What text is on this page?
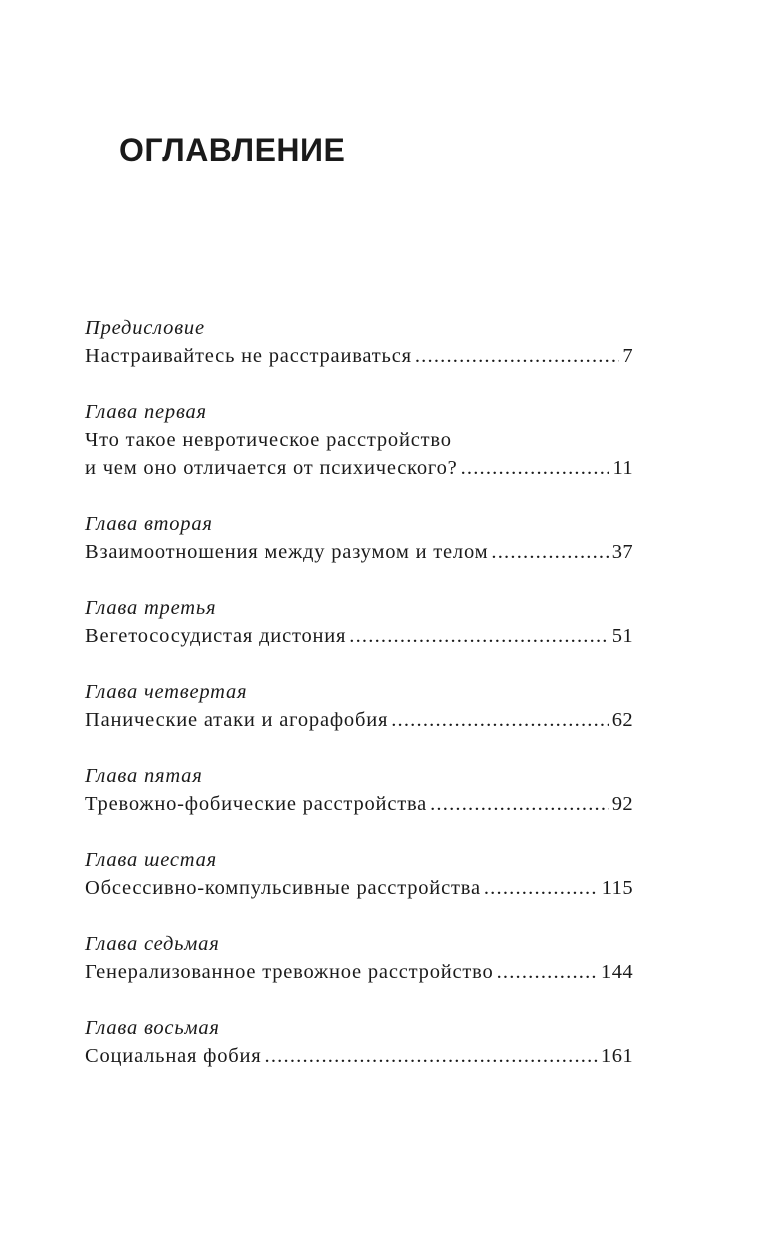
ОГЛАВЛЕНИЕ
Предисловие
Настраивайтесь не расстраиваться .....	7
Глава первая
Что такое невротическое расстройство
и чем оно отличается от психического? .....	11
Глава вторая
Взаимоотношения между разумом и телом .....	37
Глава третья
Вегетососудистая дистония .....	51
Глава четвертая
Панические атаки и агорафобия .....	62
Глава пятая
Тревожно-фобические расстройства .....	92
Глава шестая
Обсессивно-компульсивные расстройства .....	115
Глава седьмая
Генерализованное тревожное расстройство .....	144
Глава восьмая
Социальная фобия .....	161
